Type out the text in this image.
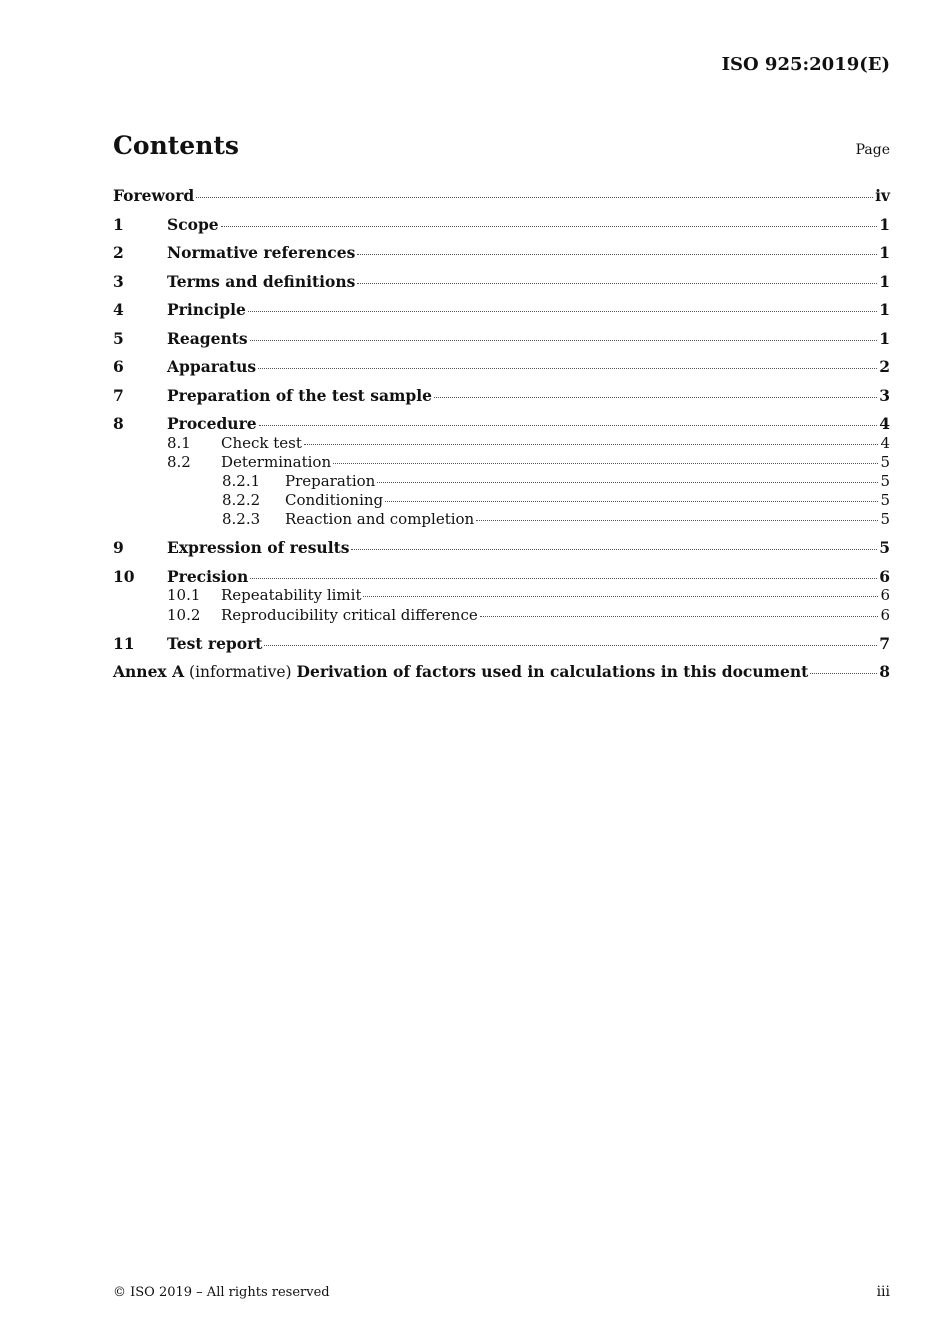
ISO 925:2019(E)
Contents	Page
Foreword	iv
1	Scope	1
2	Normative references	1
3	Terms and definitions	1
4	Principle	1
5	Reagents	1
6	Apparatus	2
7	Preparation of the test sample	3
8	Procedure	4
8.1	Check test	4
8.2	Determination	5
8.2.1	Preparation	5
8.2.2	Conditioning	5
8.2.3	Reaction and completion	5
9	Expression of results	5
10	Precision	6
10.1	Repeatability limit	6
10.2	Reproducibility critical difference	6
11	Test report	7
Annex A (informative) Derivation of factors used in calculations in this document	8
© ISO 2019 – All rights reserved	iii
